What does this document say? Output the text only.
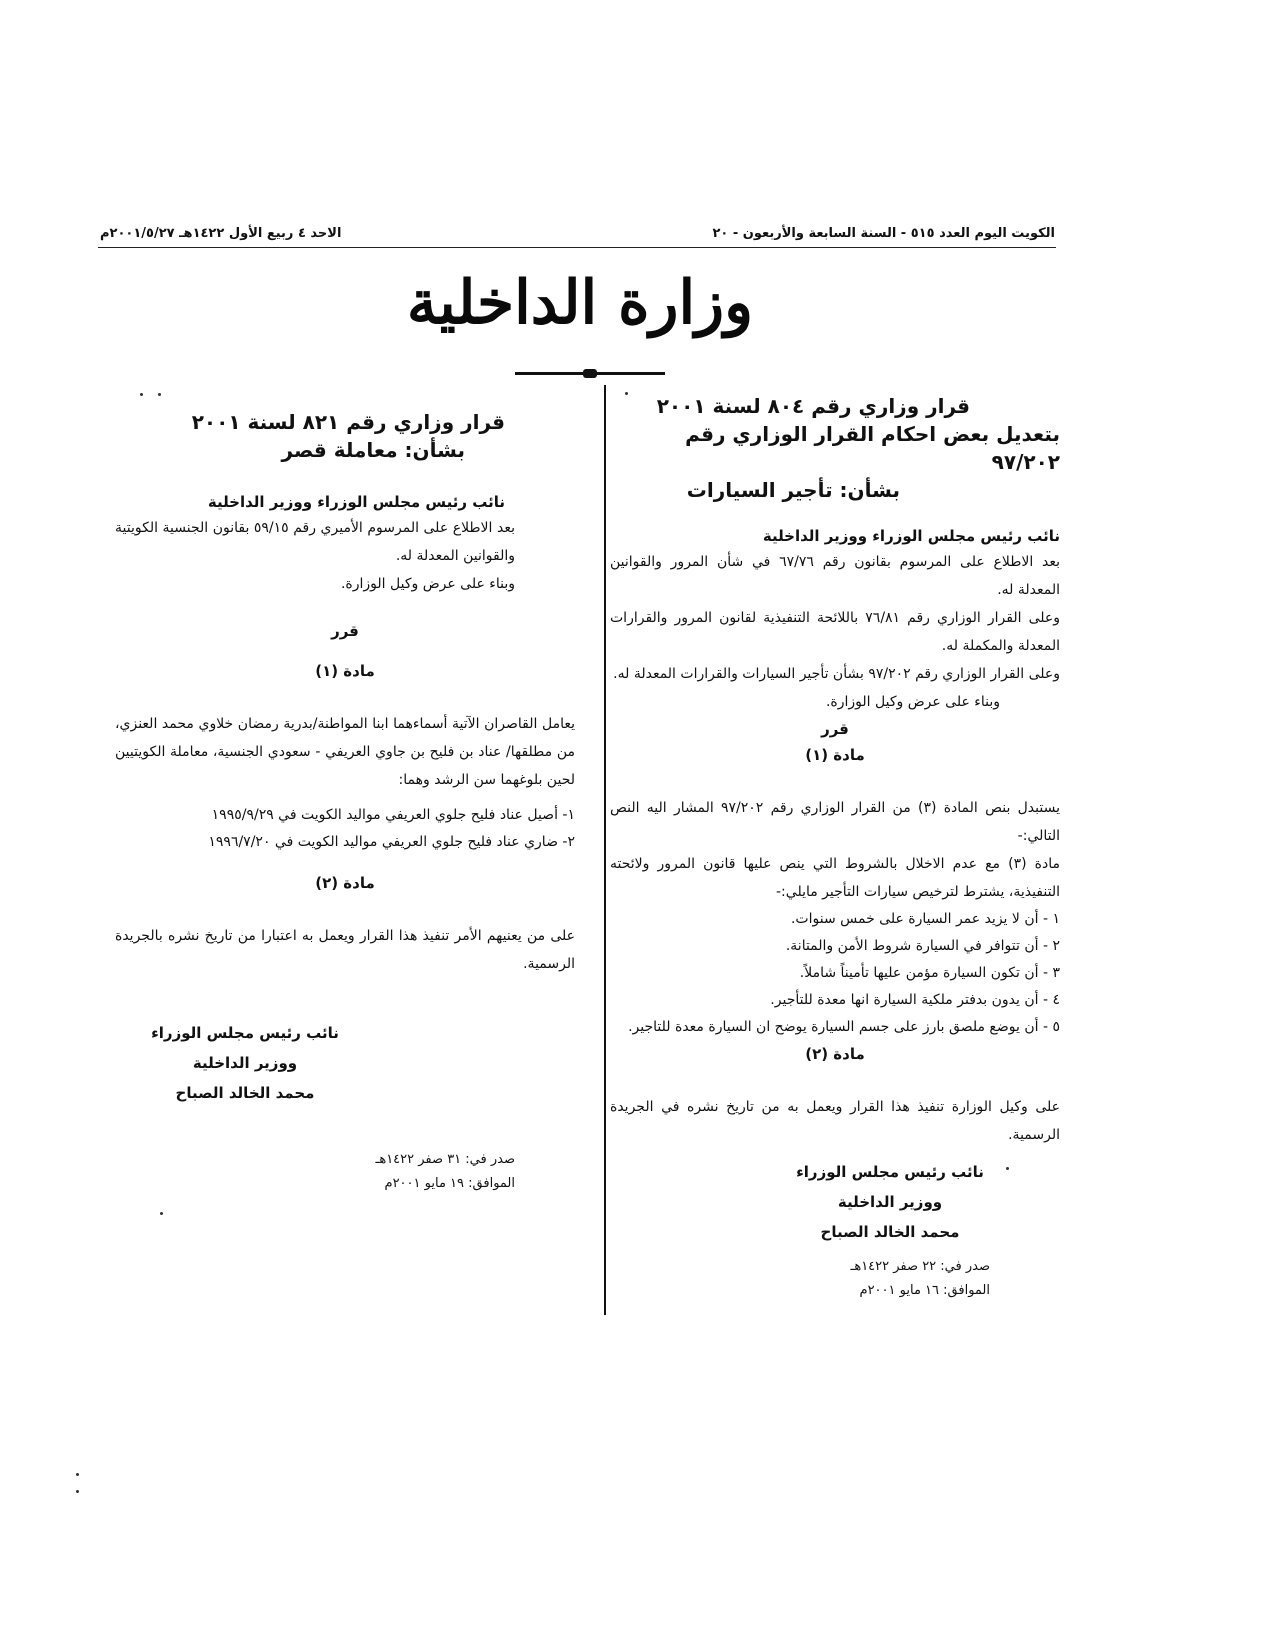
الكويت اليوم العدد ٥١٥ - السنة السابعة والأربعون - ٢٠
الاحد ٤ ربيع الأول ١٤٢٢هـ ٢٠٠١/٥/٢٧م
وزارة الداخلية

قرار وزاري رقم ٨٠٤ لسنة ٢٠٠١

بتعديل بعض احكام القرار الوزاري رقم ٩٧/٢٠٢

بشأن: تأجير السيارات

نائب رئيس مجلس الوزراء ووزير الداخلية

بعد الاطلاع على المرسوم بقانون رقم ٦٧/٧٦ في شأن المرور والقوانين المعدلة له.

وعلى القرار الوزاري رقم ٧٦/٨١ باللائحة التنفيذية لقانون المرور والقرارات المعدلة والمكملة له.

وعلى القرار الوزاري رقم ٩٧/٢٠٢ بشأن تأجير السيارات والقرارات المعدلة له.

وبناء على عرض وكيل الوزارة.

قرر

مادة (١)

يستبدل بنص المادة (٣) من القرار الوزاري رقم ٩٧/٢٠٢ المشار اليه النص التالي:-

مادة (٣) مع عدم الاخلال بالشروط التي ينص عليها قانون المرور ولائحته التنفيذية، يشترط لترخيص سيارات التأجير مايلي:-

١ - أن لا يزيد عمر السيارة على خمس سنوات.

٢ - أن تتوافر في السيارة شروط الأمن والمتانة.

٣ - أن تكون السيارة مؤمن عليها تأميناً شاملاً.

٤ - أن يدون بدفتر ملكية السيارة انها معدة للتأجير.

٥ - أن يوضع ملصق بارز على جسم السيارة يوضح ان السيارة معدة للتاجير.

مادة (٢)

على وكيل الوزارة تنفيذ هذا القرار ويعمل به من تاريخ نشره في الجريدة الرسمية.

نائب رئيس مجلس الوزراء

ووزير الداخلية

محمد الخالد الصباح

صدر في: ٢٢ صفر ١٤٢٢هـ

الموافق: ١٦ مايو ٢٠٠١م

قرار وزاري رقم ٨٢١ لسنة ٢٠٠١

بشأن: معاملة قصر

نائب رئيس مجلس الوزراء ووزير الداخلية

بعد الاطلاع على المرسوم الأميري رقم ٥٩/١٥ بقانون الجنسية الكويتية والقوانين المعدلة له.

وبناء على عرض وكيل الوزارة.

قرر

مادة (١)

يعامل القاصران الآتية أسماءهما ابنا المواطنة/بدرية رمضان خلاوي محمد العنزي، من مطلقها/ عناد بن فليح بن جاوي العريفي - سعودي الجنسية، معاملة الكويتيين لحين بلوغهما سن الرشد وهما:

١- أصيل عناد فليح جلوي العريفي مواليد الكويت في ١٩٩٥/٩/٢٩

٢- ضاري عناد فليح جلوي العريفي مواليد الكويت في ١٩٩٦/٧/٢٠

مادة (٢)

على من يعنيهم الأمر تنفيذ هذا القرار ويعمل به اعتبارا من تاريخ نشره بالجريدة الرسمية.

نائب رئيس مجلس الوزراء

ووزير الداخلية

محمد الخالد الصباح

صدر في: ٣١ صفر ١٤٢٢هـ

الموافق: ١٩ مايو ٢٠٠١م
